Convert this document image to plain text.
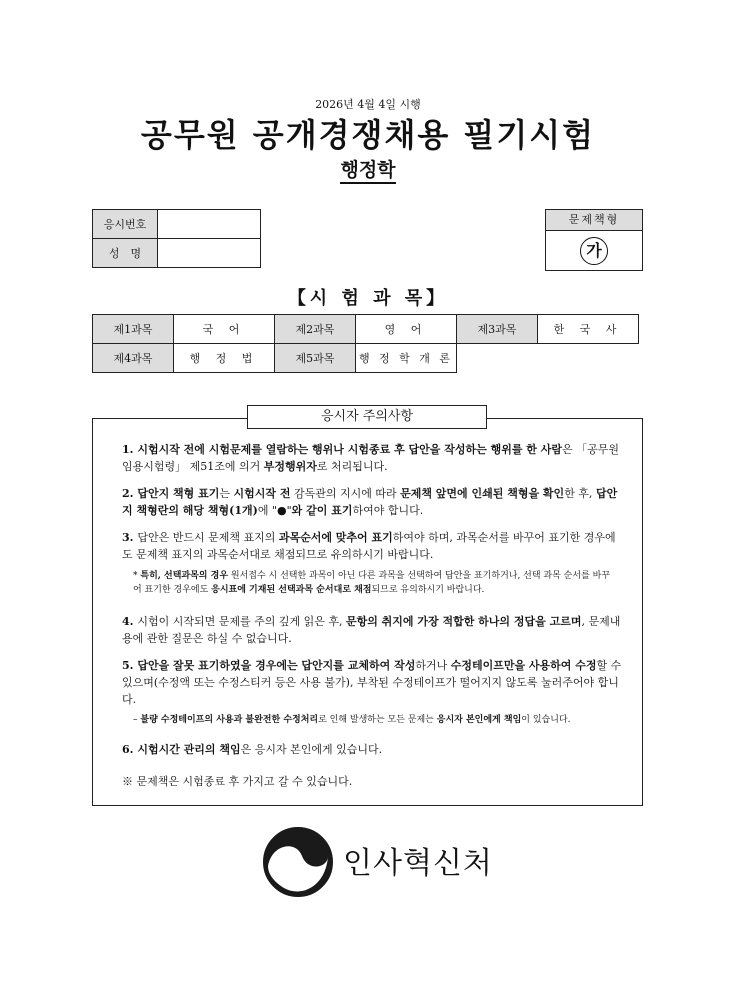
2026년 4월 4일 시행
공무원 공개경쟁채용 필기시험
행정학
응시번호	
성　명	
문제책형
가
【시 험 과 목】
제1과목	국 어	제2과목	영 어	제3과목	한 국 사
제4과목	행 정 법	제5과목	행 정 학 개 론		
1. 시험시작 전에 시험문제를 열람하는 행위나 시험종료 후 답안을 작성하는 행위를 한 사람은 「공무원임용시험령」 제51조에 의거 부정행위자로 처리됩니다.
2. 답안지 책형 표기는 시험시작 전 감독관의 지시에 따라 문제책 앞면에 인쇄된 책형을 확인한 후, 답안지 책형란의 해당 책형(1개)에 "●"와 같이 표기하여야 합니다.
3. 답안은 반드시 문제책 표지의 과목순서에 맞추어 표기하여야 하며, 과목순서를 바꾸어 표기한 경우에도 문제책 표지의 과목순서대로 채점되므로 유의하시기 바랍니다.
* 특히, 선택과목의 경우 원서접수 시 선택한 과목이 아닌 다른 과목을 선택하여 답안을 표기하거나, 선택 과목 순서를 바꾸어 표기한 경우에도 응시표에 기재된 선택과목 순서대로 채점되므로 유의하시기 바랍니다.
4. 시험이 시작되면 문제를 주의 깊게 읽은 후, 문항의 취지에 가장 적합한 하나의 정답을 고르며, 문제내용에 관한 질문은 하실 수 없습니다.
5. 답안을 잘못 표기하였을 경우에는 답안지를 교체하여 작성하거나 수정테이프만을 사용하여 수정할 수 있으며(수정액 또는 수정스티커 등은 사용 불가), 부착된 수정테이프가 떨어지지 않도록 눌러주어야 합니다.
– 불량 수정테이프의 사용과 불완전한 수정처리로 인해 발생하는 모든 문제는 응시자 본인에게 책임이 있습니다.
6. 시험시간 관리의 책임은 응시자 본인에게 있습니다.
※ 문제책은 시험종료 후 가지고 갈 수 있습니다.
응시자 주의사항
인사혁신처
